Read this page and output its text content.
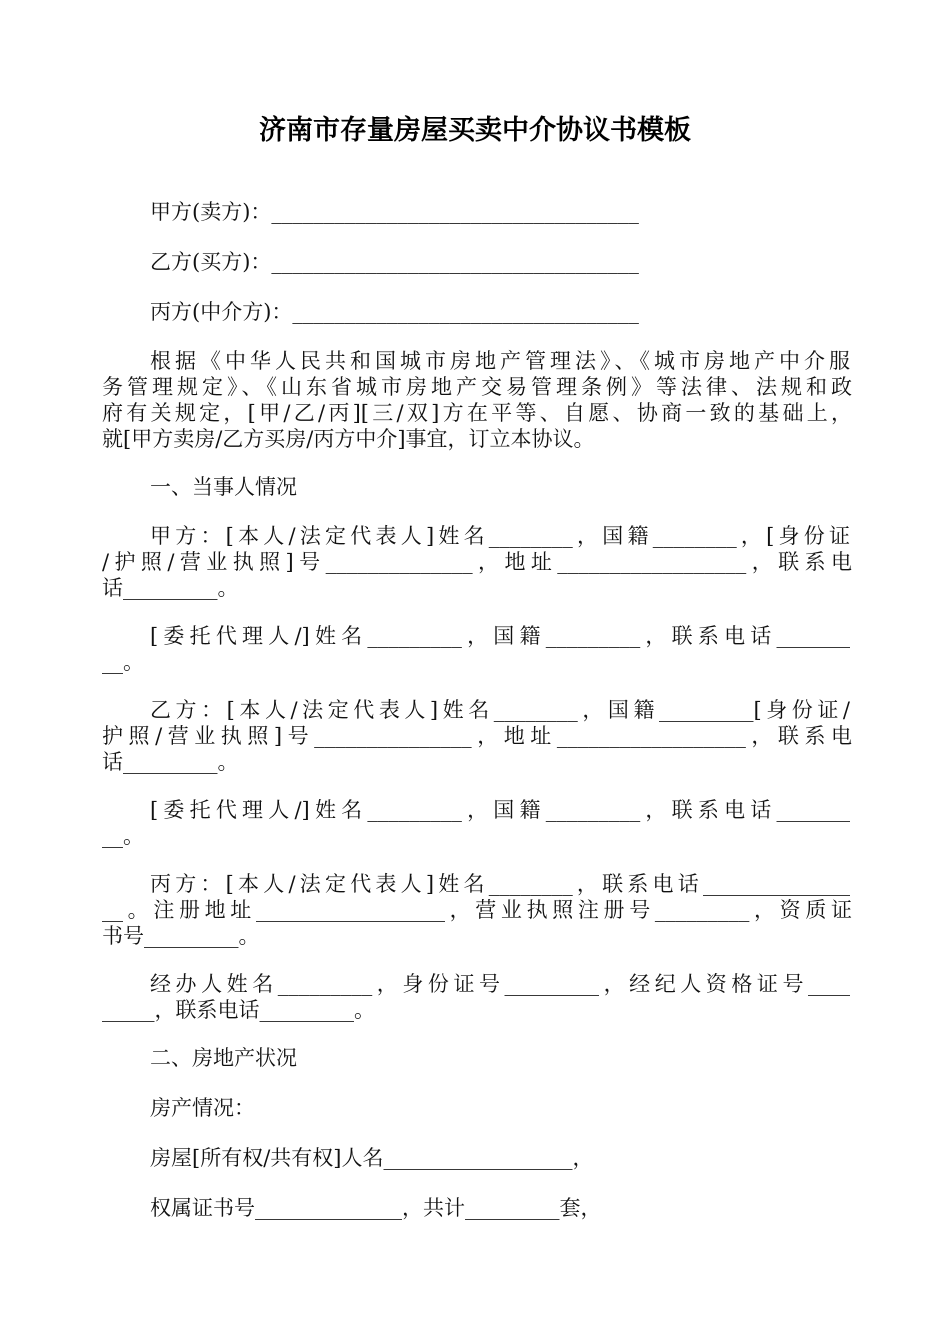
济南市存量房屋买卖中介协议书模板

甲方(卖方)：___________________________________

乙方(买方)：___________________________________

丙方(中介方)：_________________________________

根据《中华人民共和国城市房地产管理法》、《城市房地产中介服

务管理规定》、《山东省城市房地产交易管理条例》等法律、法规和政

府有关规定，[甲/乙/丙][三/双]方在平等、自愿、协商一致的基础上，

就[甲方卖房/乙方买房/丙方中介]事宜，订立本协议。

一、当事人情况

甲方：[本人/法定代表人]姓名________，国籍________，[身份证

/护照/营业执照]号______________，地址__________________，联系电

话_________。

[委托代理人/]姓名_________，国籍_________，联系电话_______

__。

乙方：[本人/法定代表人]姓名________，国籍_________[身份证/

护照/营业执照]号_______________，地址__________________，联系电

话_________。

[委托代理人/]姓名_________，国籍_________，联系电话_______

__。

丙方：[本人/法定代表人]姓名________，联系电话______________

__。注册地址__________________，营业执照注册号_________，资质证

书号_________。

经办人姓名_________，身份证号_________，经纪人资格证号____

_____，联系电话_________。

二、房地产状况

房产情况：

房屋[所有权/共有权]人名__________________，

权属证书号______________，共计_________套，
